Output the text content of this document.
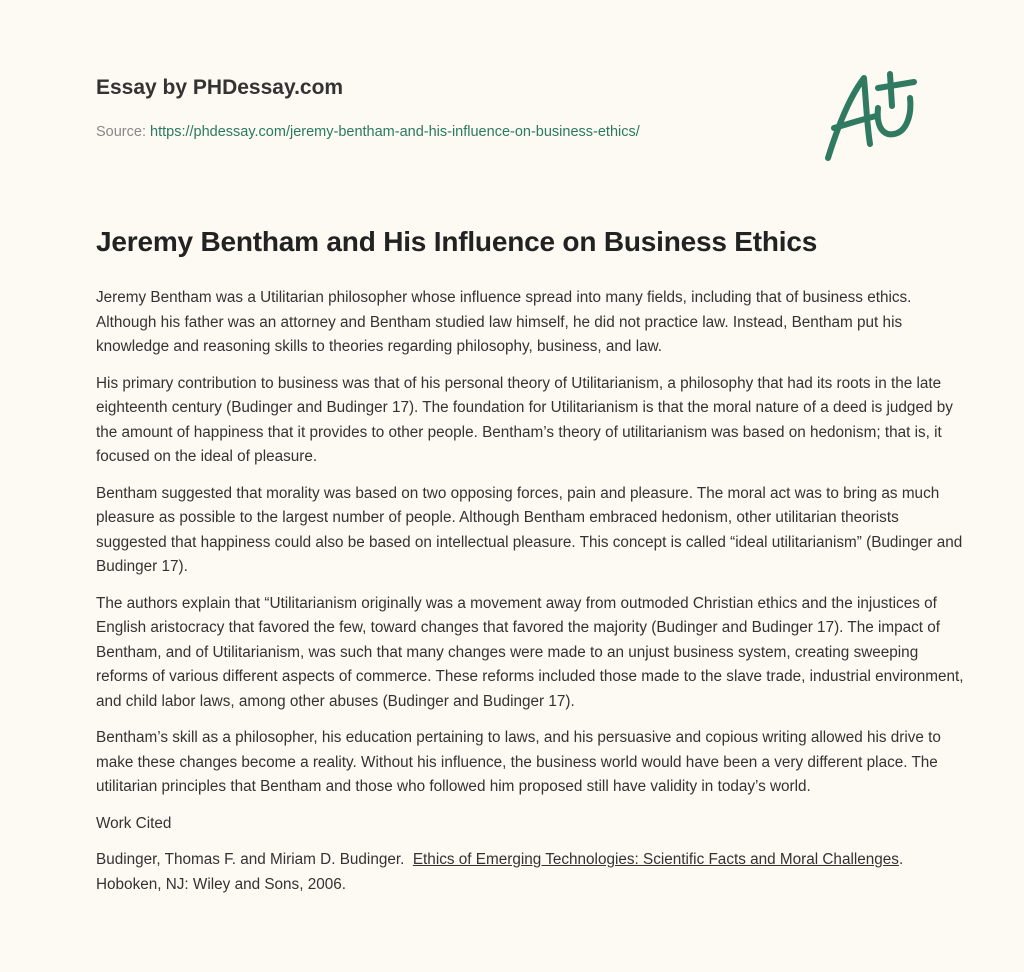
Essay by PHDessay.com
Source: https://phdessay.com/jeremy-bentham-and-his-influence-on-business-ethics/
Jeremy Bentham and His Influence on Business Ethics

Jeremy Bentham was a Utilitarian philosopher whose influence spread into many fields, including that of business ethics. Although his father was an attorney and Bentham studied law himself, he did not practice law. Instead, Bentham put his knowledge and reasoning skills to theories regarding philosophy, business, and law.

His primary contribution to business was that of his personal theory of Utilitarianism, a philosophy that had its roots in the late eighteenth century (Budinger and Budinger 17). The foundation for Utilitarianism is that the moral nature of a deed is judged by the amount of happiness that it provides to other people. Bentham’s theory of utilitarianism was based on hedonism; that is, it focused on the ideal of pleasure.

Bentham suggested that morality was based on two opposing forces, pain and pleasure. The moral act was to bring as much pleasure as possible to the largest number of people. Although Bentham embraced hedonism, other utilitarian theorists suggested that happiness could also be based on intellectual pleasure. This concept is called “ideal utilitarianism” (Budinger and Budinger 17).

The authors explain that “Utilitarianism originally was a movement away from outmoded Christian ethics and the injustices of English aristocracy that favored the few, toward changes that favored the majority (Budinger and Budinger 17). The impact of Bentham, and of Utilitarianism, was such that many changes were made to an unjust business system, creating sweeping reforms of various different aspects of commerce. These reforms included those made to the slave trade, industrial environment, and child labor laws, among other abuses (Budinger and Budinger 17).

Bentham’s skill as a philosopher, his education pertaining to laws, and his persuasive and copious writing allowed his drive to make these changes become a reality. Without his influence, the business world would have been a very different place. The utilitarian principles that Bentham and those who followed him proposed still have validity in today’s world.

Work Cited

Budinger, Thomas F. and Miriam D. Budinger. Ethics of Emerging Technologies: Scientific Facts and Moral Challenges. Hoboken, NJ: Wiley and Sons, 2006.
